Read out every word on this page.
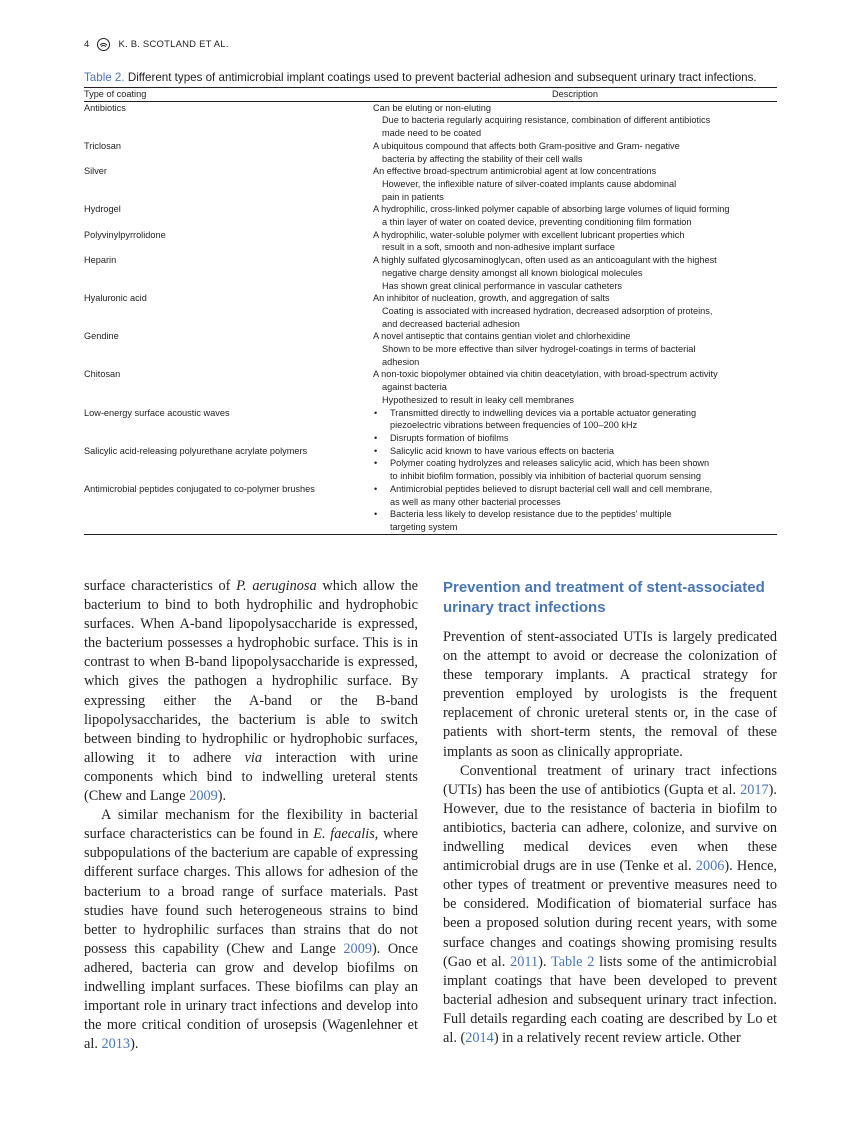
4	K. B. SCOTLAND ET AL.

Table 2. Different types of antimicrobial implant coatings used to prevent bacterial adhesion and subsequent urinary tract infections.

Type of coating	Description

Antibiotics	Can be eluting or non-eluting
Due to bacteria regularly acquiring resistance, combination of different antibiotics
made need to be coated

Triclosan	A ubiquitous compound that affects both Gram-positive and Gram- negative
bacteria by affecting the stability of their cell walls

Silver	An effective broad-spectrum antimicrobial agent at low concentrations
However, the inflexible nature of silver-coated implants cause abdominal
pain in patients

Hydrogel	A hydrophilic, cross-linked polymer capable of absorbing large volumes of liquid forming
a thin layer of water on coated device, preventing conditioning film formation

Polyvinylpyrrolidone	A hydrophilic, water-soluble polymer with excellent lubricant properties which
result in a soft, smooth and non-adhesive implant surface

Heparin	A highly sulfated glycosaminoglycan, often used as an anticoagulant with the highest
negative charge density amongst all known biological molecules
Has shown great clinical performance in vascular catheters

Hyaluronic acid	An inhibitor of nucleation, growth, and aggregation of salts
Coating is associated with increased hydration, decreased adsorption of proteins,
and decreased bacterial adhesion

Gendine	A novel antiseptic that contains gentian violet and chlorhexidine
Shown to be more effective than silver hydrogel-coatings in terms of bacterial
adhesion

Chitosan	A non-toxic biopolymer obtained via chitin deacetylation, with broad-spectrum activity
against bacteria
Hypothesized to result in leaky cell membranes

Low-energy surface acoustic waves	• Transmitted directly to indwelling devices via a portable actuator generating
piezoelectric vibrations between frequencies of 100–200 kHz
• Disrupts formation of biofilms

Salicylic acid-releasing polyurethane acrylate polymers	• Salicylic acid known to have various effects on bacteria
• Polymer coating hydrolyzes and releases salicylic acid, which has been shown
to inhibit biofilm formation, possibly via inhibition of bacterial quorum sensing

Antimicrobial peptides conjugated to co-polymer brushes	• Antimicrobial peptides believed to disrupt bacterial cell wall and cell membrane,
as well as many other bacterial processes
• Bacteria less likely to develop resistance due to the peptides' multiple
targeting system

surface characteristics of P. aeruginosa which allow the bacterium to bind to both hydrophilic and hydrophobic surfaces. When A-band lipopolysaccharide is expressed, the bacterium possesses a hydrophobic surface. This is in contrast to when B-band lipopolysaccharide is expressed, which gives the pathogen a hydrophilic surface. By expressing either the A-band or the B-band lipopolysaccharides, the bacterium is able to switch between binding to hydrophilic or hydrophobic surfaces, allowing it to adhere via interaction with urine components which bind to indwelling ureteral stents (Chew and Lange 2009).

A similar mechanism for the flexibility in bacterial surface characteristics can be found in E. faecalis, where subpopulations of the bacterium are capable of expressing different surface charges. This allows for adhesion of the bacterium to a broad range of surface materials. Past studies have found such heterogeneous strains to bind better to hydrophilic surfaces than strains that do not possess this capability (Chew and Lange 2009). Once adhered, bacteria can grow and develop biofilms on indwelling implant surfaces. These biofilms can play an important role in urinary tract infections and develop into the more critical condition of urosepsis (Wagenlehner et al. 2013).

Prevention and treatment of stent-associated urinary tract infections

Prevention of stent-associated UTIs is largely predicated on the attempt to avoid or decrease the colonization of these temporary implants. A practical strategy for prevention employed by urologists is the frequent replacement of chronic ureteral stents or, in the case of patients with short-term stents, the removal of these implants as soon as clinically appropriate.

Conventional treatment of urinary tract infections (UTIs) has been the use of antibiotics (Gupta et al. 2017). However, due to the resistance of bacteria in biofilm to antibiotics, bacteria can adhere, colonize, and survive on indwelling medical devices even when these antimicrobial drugs are in use (Tenke et al. 2006). Hence, other types of treatment or preventive measures need to be considered. Modification of biomaterial surface has been a proposed solution during recent years, with some surface changes and coatings showing promising results (Gao et al. 2011). Table 2 lists some of the antimicrobial implant coatings that have been developed to prevent bacterial adhesion and subsequent urinary tract infection. Full details regarding each coating are described by Lo et al. (2014) in a relatively recent review article. Other
